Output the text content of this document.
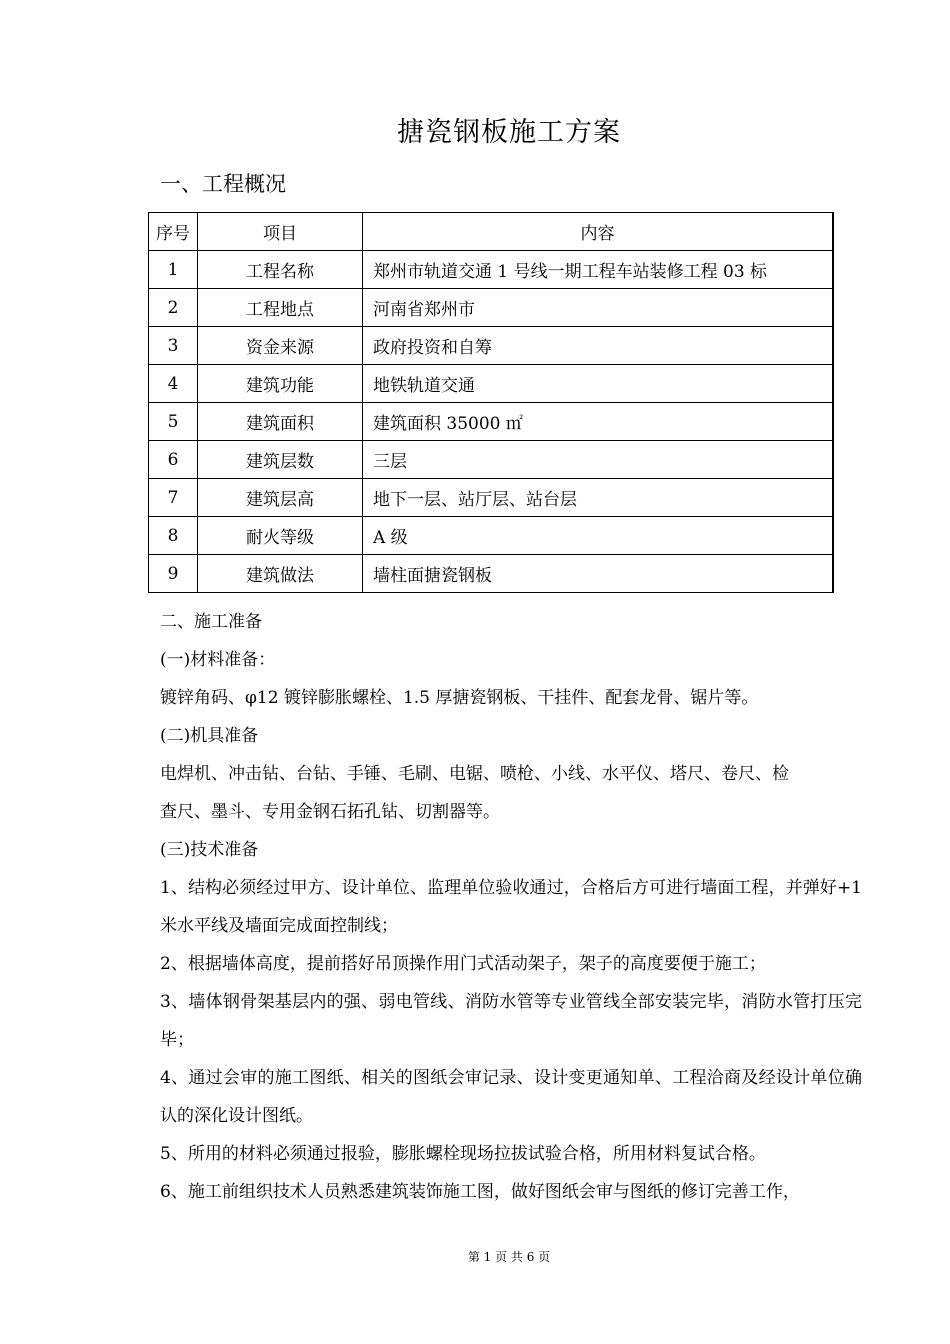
搪瓷钢板施工方案
一、工程概况
序号	项目	内容
1	工程名称	郑州市轨道交通 1 号线一期工程车站装修工程 03 标
2	工程地点	河南省郑州市
3	资金来源	政府投资和自筹
4	建筑功能	地铁轨道交通
5	建筑面积	建筑面积 35000 ㎡
6	建筑层数	三层
7	建筑层高	地下一层、站厅层、站台层
8	耐火等级	A 级
9	建筑做法	墙柱面搪瓷钢板
二、施工准备
(一)材料准备：
镀锌角码、φ12 镀锌膨胀螺栓、1.5 厚搪瓷钢板、干挂件、配套龙骨、锯片等。
(二)机具准备
电焊机、冲击钻、台钻、手锤、毛刷、电锯、喷枪、小线、水平仪、塔尺、卷尺、检
查尺、墨斗、专用金钢石拓孔钻、切割器等。
(三)技术准备
1、结构必须经过甲方、设计单位、监理单位验收通过，合格后方可进行墙面工程，并弹好+1 米水平线及墙面完成面控制线；
2、根据墙体高度，提前搭好吊顶操作用门式活动架子，架子的高度要便于施工；
3、墙体钢骨架基层内的强、弱电管线、消防水管等专业管线全部安装完毕，消防水管打压完毕；
4、通过会审的施工图纸、相关的图纸会审记录、设计变更通知单、工程洽商及经设计单位确认的深化设计图纸。
5、所用的材料必须通过报验，膨胀螺栓现场拉拔试验合格，所用材料复试合格。
6、施工前组织技术人员熟悉建筑装饰施工图，做好图纸会审与图纸的修订完善工作，
第 1 页 共 6 页
